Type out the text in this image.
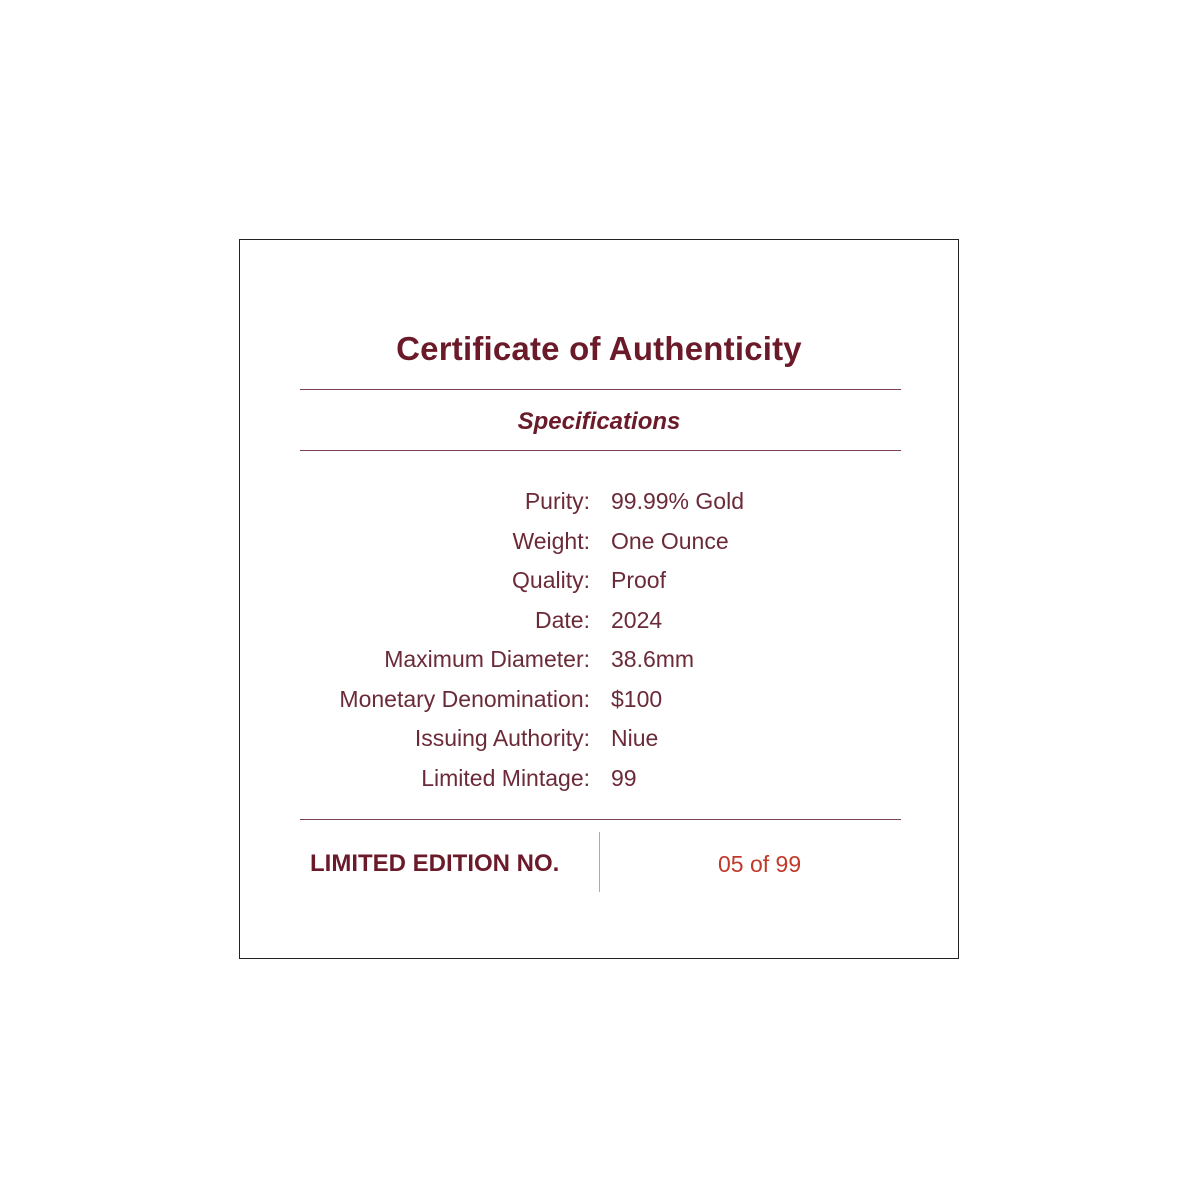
Certificate of Authenticity
Specifications
Purity: 99.99% Gold
Weight: One Ounce
Quality: Proof
Date: 2024
Maximum Diameter: 38.6mm
Monetary Denomination: $100
Issuing Authority: Niue
Limited Mintage: 99
LIMITED EDITION NO.	05 of 99
